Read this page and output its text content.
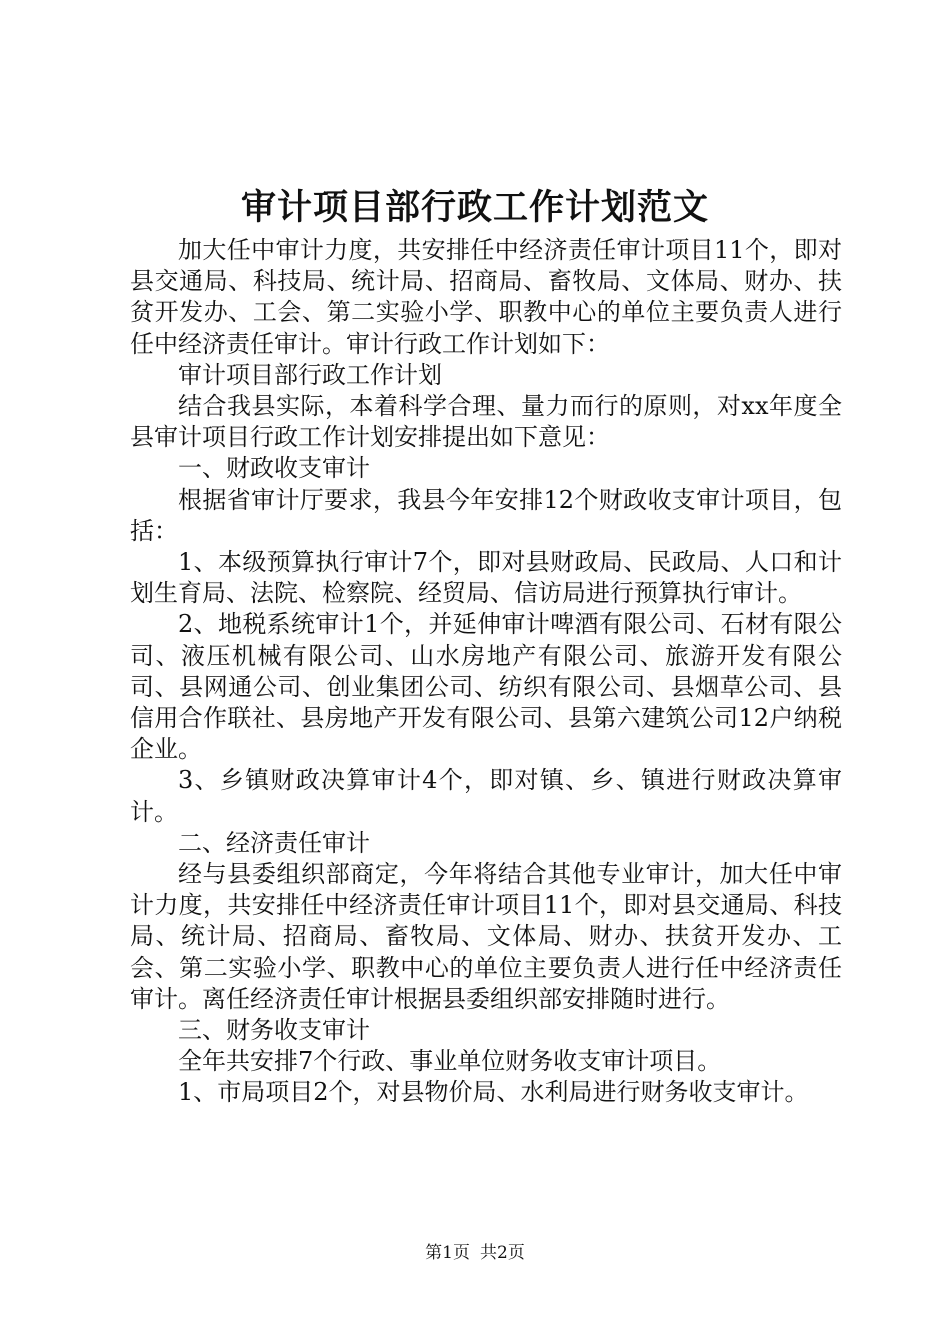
审计项目部行政工作计划范文

加大任中审计力度，共安排任中经济责任审计项目11个，即对县交通局、科技局、统计局、招商局、畜牧局、文体局、财办、扶贫开发办、工会、第二实验小学、职教中心的单位主要负责人进行任中经济责任审计。审计行政工作计划如下：

审计项目部行政工作计划

结合我县实际，本着科学合理、量力而行的原则，对xx年度全县审计项目行政工作计划安排提出如下意见：

一、财政收支审计

根据省审计厅要求，我县今年安排12个财政收支审计项目，包括：

1、本级预算执行审计7个，即对县财政局、民政局、人口和计划生育局、法院、检察院、经贸局、信访局进行预算执行审计。

2、地税系统审计1个，并延伸审计啤酒有限公司、石材有限公司、液压机械有限公司、山水房地产有限公司、旅游开发有限公司、县网通公司、创业集团公司、纺织有限公司、县烟草公司、县信用合作联社、县房地产开发有限公司、县第六建筑公司12户纳税企业。

3、乡镇财政决算审计4个，即对镇、乡、镇进行财政决算审计。

二、经济责任审计

经与县委组织部商定，今年将结合其他专业审计，加大任中审计力度，共安排任中经济责任审计项目11个，即对县交通局、科技局、统计局、招商局、畜牧局、文体局、财办、扶贫开发办、工会、第二实验小学、职教中心的单位主要负责人进行任中经济责任审计。离任经济责任审计根据县委组织部安排随时进行。

三、财务收支审计

全年共安排7个行政、事业单位财务收支审计项目。

1、市局项目2个，对县物价局、水利局进行财务收支审计。

第1页 共2页
